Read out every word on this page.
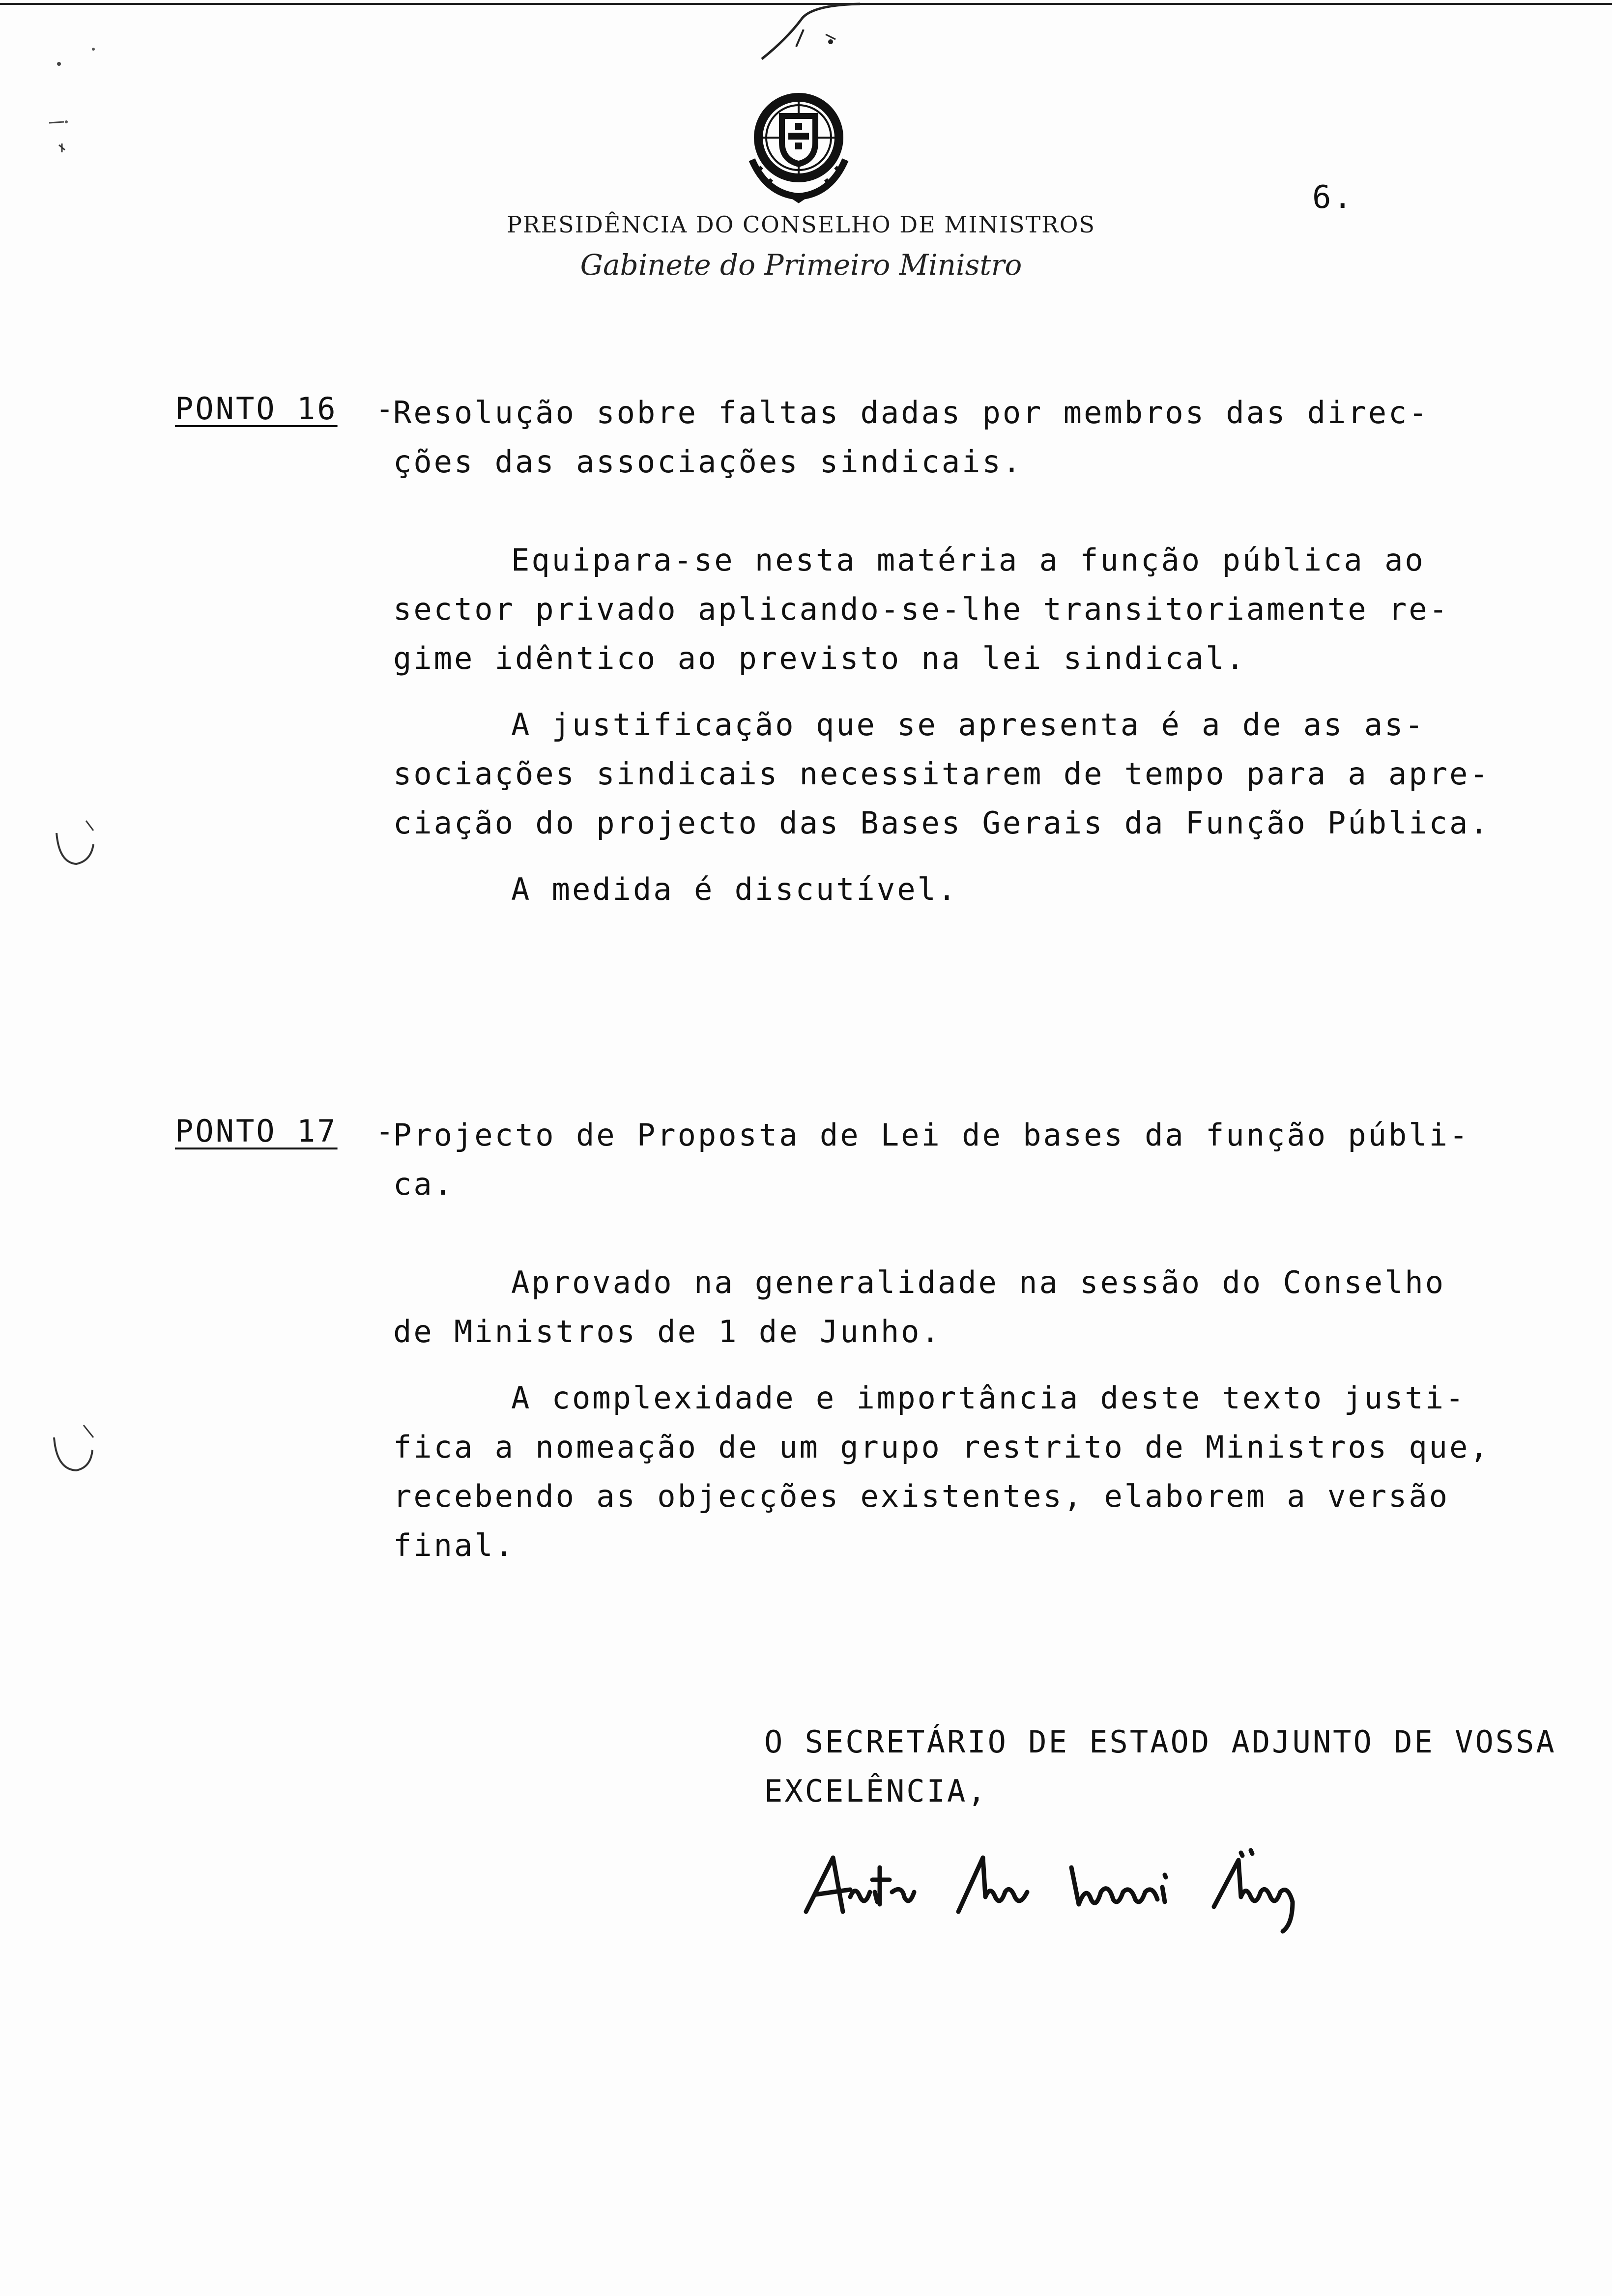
PRESIDÊNCIA DO CONSELHO DE MINISTROS
Gabinete do Primeiro Ministro
6.
PONTO 16 -
Resolução sobre faltas dadas por membros das direc-
ções das associações sindicais.
Equipara-se nesta matéria a função pública ao
sector privado aplicando-se-lhe transitoriamente re-
gime idêntico ao previsto na lei sindical.
A justificação que se apresenta é a de as as-
sociações sindicais necessitarem de tempo para a apre-
ciação do projecto das Bases Gerais da Função Pública.
A medida é discutível.
PONTO 17 -
Projecto de Proposta de Lei de bases da função públi-
ca.
Aprovado na generalidade na sessão do Conselho
de Ministros de 1 de Junho.
A complexidade e importância deste texto justi-
fica a nomeação de um grupo restrito de Ministros que,
recebendo as objecções existentes, elaborem a versão
final.
O SECRETÁRIO DE ESTAOD ADJUNTO DE VOSSA
EXCELÊNCIA,
